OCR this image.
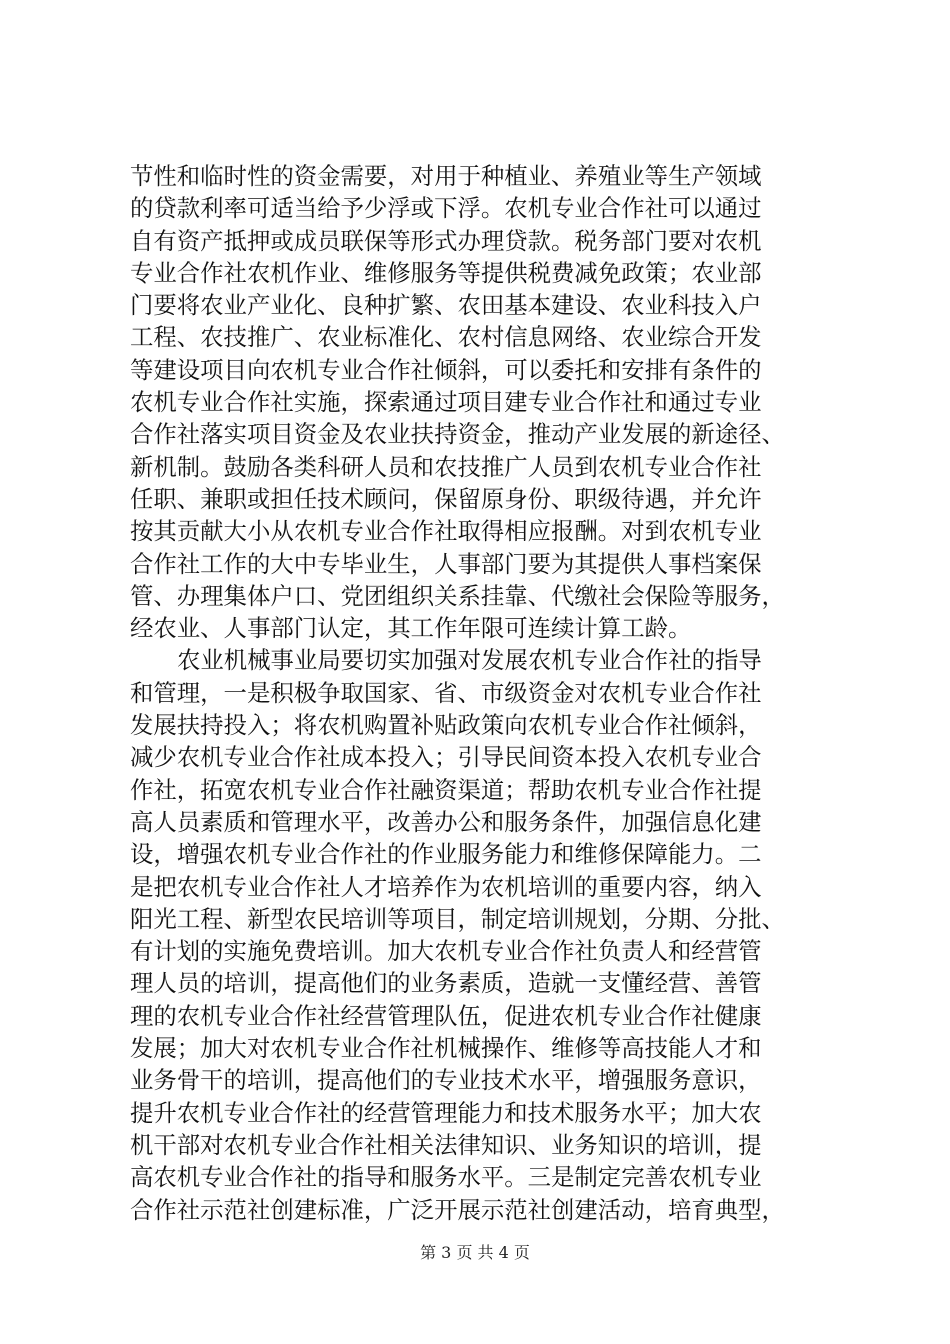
节性和临时性的资金需要，对用于种植业、养殖业等生产领域
的贷款利率可适当给予少浮或下浮。农机专业合作社可以通过
自有资产抵押或成员联保等形式办理贷款。税务部门要对农机
专业合作社农机作业、维修服务等提供税费减免政策；农业部
门要将农业产业化、良种扩繁、农田基本建设、农业科技入户
工程、农技推广、农业标准化、农村信息网络、农业综合开发
等建设项目向农机专业合作社倾斜，可以委托和安排有条件的
农机专业合作社实施，探索通过项目建专业合作社和通过专业
合作社落实项目资金及农业扶持资金，推动产业发展的新途径、
新机制。鼓励各类科研人员和农技推广人员到农机专业合作社
任职、兼职或担任技术顾问，保留原身份、职级待遇，并允许
按其贡献大小从农机专业合作社取得相应报酬。对到农机专业
合作社工作的大中专毕业生，人事部门要为其提供人事档案保
管、办理集体户口、党团组织关系挂靠、代缴社会保险等服务，
经农业、人事部门认定，其工作年限可连续计算工龄。
农业机械事业局要切实加强对发展农机专业合作社的指导
和管理，一是积极争取国家、省、市级资金对农机专业合作社
发展扶持投入；将农机购置补贴政策向农机专业合作社倾斜，
减少农机专业合作社成本投入；引导民间资本投入农机专业合
作社，拓宽农机专业合作社融资渠道；帮助农机专业合作社提
高人员素质和管理水平，改善办公和服务条件，加强信息化建
设，增强农机专业合作社的作业服务能力和维修保障能力。二
是把农机专业合作社人才培养作为农机培训的重要内容，纳入
阳光工程、新型农民培训等项目，制定培训规划，分期、分批、
有计划的实施免费培训。加大农机专业合作社负责人和经营管
理人员的培训，提高他们的业务素质，造就一支懂经营、善管
理的农机专业合作社经营管理队伍，促进农机专业合作社健康
发展；加大对农机专业合作社机械操作、维修等高技能人才和
业务骨干的培训，提高他们的专业技术水平，增强服务意识，
提升农机专业合作社的经营管理能力和技术服务水平；加大农
机干部对农机专业合作社相关法律知识、业务知识的培训，提
高农机专业合作社的指导和服务水平。三是制定完善农机专业
合作社示范社创建标准，广泛开展示范社创建活动，培育典型，
第 3 页 共 4 页
